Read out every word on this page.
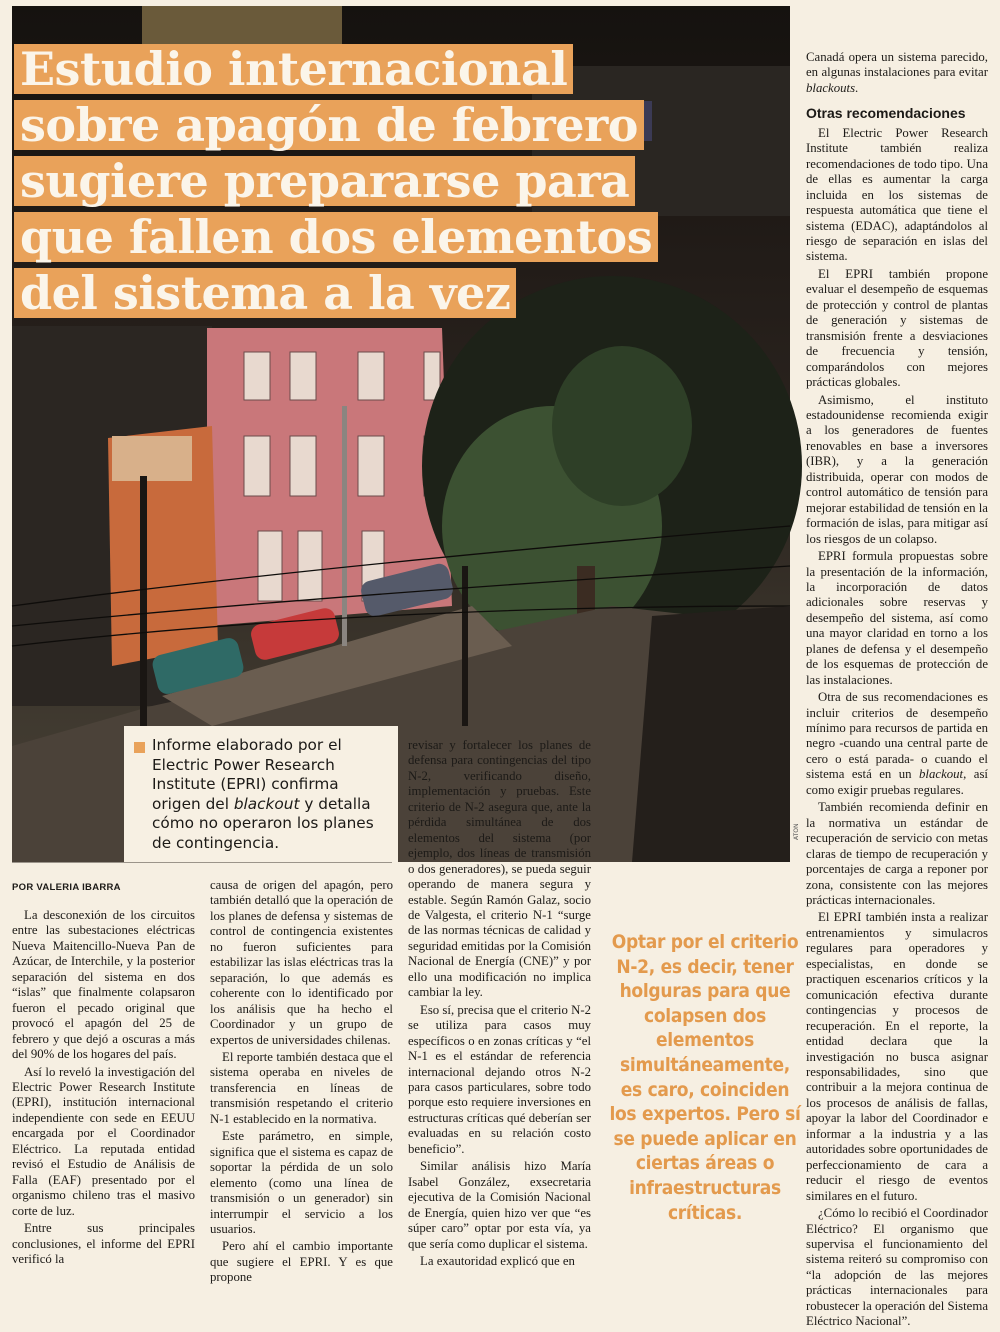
Estudio internacional
sobre apagón de febrero
sugiere prepararse para
que fallen dos elementos
del sistema a la vez

Informe elaborado por el Electric Power Research Institute (EPRI) confirma origen del blackout y detalla cómo no operaron los planes de contingencia.

ATON
POR VALERIA IBARRA

La desconexión de los circuitos entre las subestaciones eléctricas Nueva Maitencillo-Nueva Pan de Azúcar, de Interchile, y la posterior separación del sistema en dos “islas” que finalmente colapsaron fueron el pecado original que provocó el apagón del 25 de febrero y que dejó a oscuras a más del 90% de los hogares del país.

Así lo reveló la investigación del Electric Power Research Institute (EPRI), institución internacional independiente con sede en EEUU encargada por el Coordinador Eléctrico. La reputada entidad revisó el Estudio de Análisis de Falla (EAF) presentado por el organismo chileno tras el masivo corte de luz.

Entre sus principales conclusiones, el informe del EPRI verificó la

causa de origen del apagón, pero también detalló que la operación de los planes de defensa y sistemas de control de contingencia existentes no fueron suficientes para estabilizar las islas eléctricas tras la separación, lo que además es coherente con lo identificado por los análisis que ha hecho el Coordinador y un grupo de expertos de universidades chilenas.

El reporte también destaca que el sistema operaba en niveles de transferencia en líneas de transmisión respetando el criterio N-1 establecido en la normativa.

Este parámetro, en simple, significa que el sistema es capaz de soportar la pérdida de un solo elemento (como una línea de transmisión o un generador) sin interrumpir el servicio a los usuarios.

Pero ahí el cambio importante que sugiere el EPRI. Y es que propone

revisar y fortalecer los planes de defensa para contingencias del tipo N-2, verificando diseño, implementación y pruebas. Este criterio de N-2 asegura que, ante la pérdida simultánea de dos elementos del sistema (por ejemplo, dos líneas de transmisión o dos generadores), se pueda seguir operando de manera segura y estable. Según Ramón Galaz, socio de Valgesta, el criterio N-1 “surge de las normas técnicas de calidad y seguridad emitidas por la Comisión Nacional de Energía (CNE)” y por ello una modificación no implica cambiar la ley.

Eso sí, precisa que el criterio N-2 se utiliza para casos muy específicos o en zonas críticas y “el N-1 es el estándar de referencia internacional dejando otros N-2 para casos particulares, sobre todo porque esto requiere inversiones en estructuras críticas qué deberían ser evaluadas en su relación costo beneficio”.

Similar análisis hizo María Isabel González, exsecretaria ejecutiva de la Comisión Nacional de Energía, quien hizo ver que “es súper caro” optar por esta vía, ya que sería como duplicar el sistema.

La exautoridad explicó que en

Optar por el criterio N-2, es decir, tener holguras para que colapsen dos elementos simultáneamente, es caro, coinciden los expertos. Pero sí se puede aplicar en ciertas áreas o infraestructuras críticas.

Canadá opera un sistema parecido, en algunas instalaciones para evitar blackouts.

Otras recomendaciones

El Electric Power Research Institute también realiza recomendaciones de todo tipo. Una de ellas es aumentar la carga incluida en los sistemas de respuesta automática que tiene el sistema (EDAC), adaptándolos al riesgo de separación en islas del sistema.

El EPRI también propone evaluar el desempeño de esquemas de protección y control de plantas de generación y sistemas de transmisión frente a desviaciones de frecuencia y tensión, comparándolos con mejores prácticas globales.

Asimismo, el instituto estadounidense recomienda exigir a los generadores de fuentes renovables en base a inversores (IBR), y a la generación distribuida, operar con modos de control automático de tensión para mejorar estabilidad de tensión en la formación de islas, para mitigar así los riesgos de un colapso.

EPRI formula propuestas sobre la presentación de la información, la incorporación de datos adicionales sobre reservas y desempeño del sistema, así como una mayor claridad en torno a los planes de defensa y el desempeño de los esquemas de protección de las instalaciones.

Otra de sus recomendaciones es incluir criterios de desempeño mínimo para recursos de partida en negro -cuando una central parte de cero o está parada- o cuando el sistema está en un blackout, así como exigir pruebas regulares.

También recomienda definir en la normativa un estándar de recuperación de servicio con metas claras de tiempo de recuperación y porcentajes de carga a reponer por zona, consistente con las mejores prácticas internacionales.

El EPRI también insta a realizar entrenamientos y simulacros regulares para operadores y especialistas, en donde se practiquen escenarios críticos y la comunicación efectiva durante contingencias y procesos de recuperación. En el reporte, la entidad declara que la investigación no busca asignar responsabilidades, sino que contribuir a la mejora continua de los procesos de análisis de fallas, apoyar la labor del Coordinador e informar a la industria y a las autoridades sobre oportunidades de perfeccionamiento de cara a reducir el riesgo de eventos similares en el futuro.

¿Cómo lo recibió el Coordinador Eléctrico? El organismo que supervisa el funcionamiento del sistema reiteró su compromiso con “la adopción de las mejores prácticas internacionales para robustecer la operación del Sistema Eléctrico Nacional”.
